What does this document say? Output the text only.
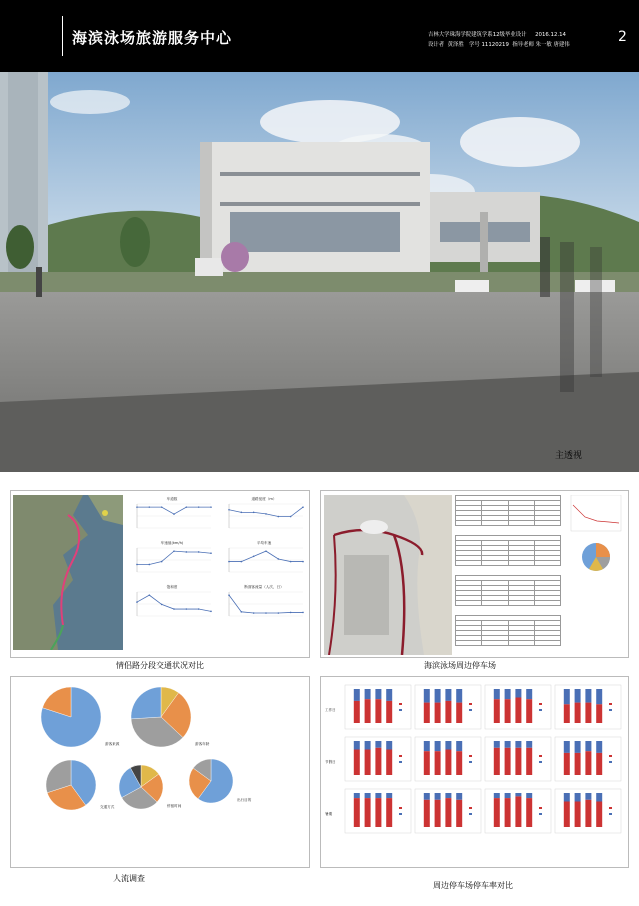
海滨泳场旅游服务中心	吉林大学珠海学院建筑学系12级毕业设计 2016.12.14
设计者 黄泽胜 学号 11120219 指导老师 朱一敏 唐建伟	2
主透视
车道数	道路宽度（m）
车速值(km/h)	平均车速
饱和度	断面客流量（人次，日）
情侣路分段交通状况对比

				海滨泳场周边停车场
游客来源	游客年龄
交通方式	停留时间
出行目的
人流调查
工作日
节假日
暑期
周边停车场停车率对比
